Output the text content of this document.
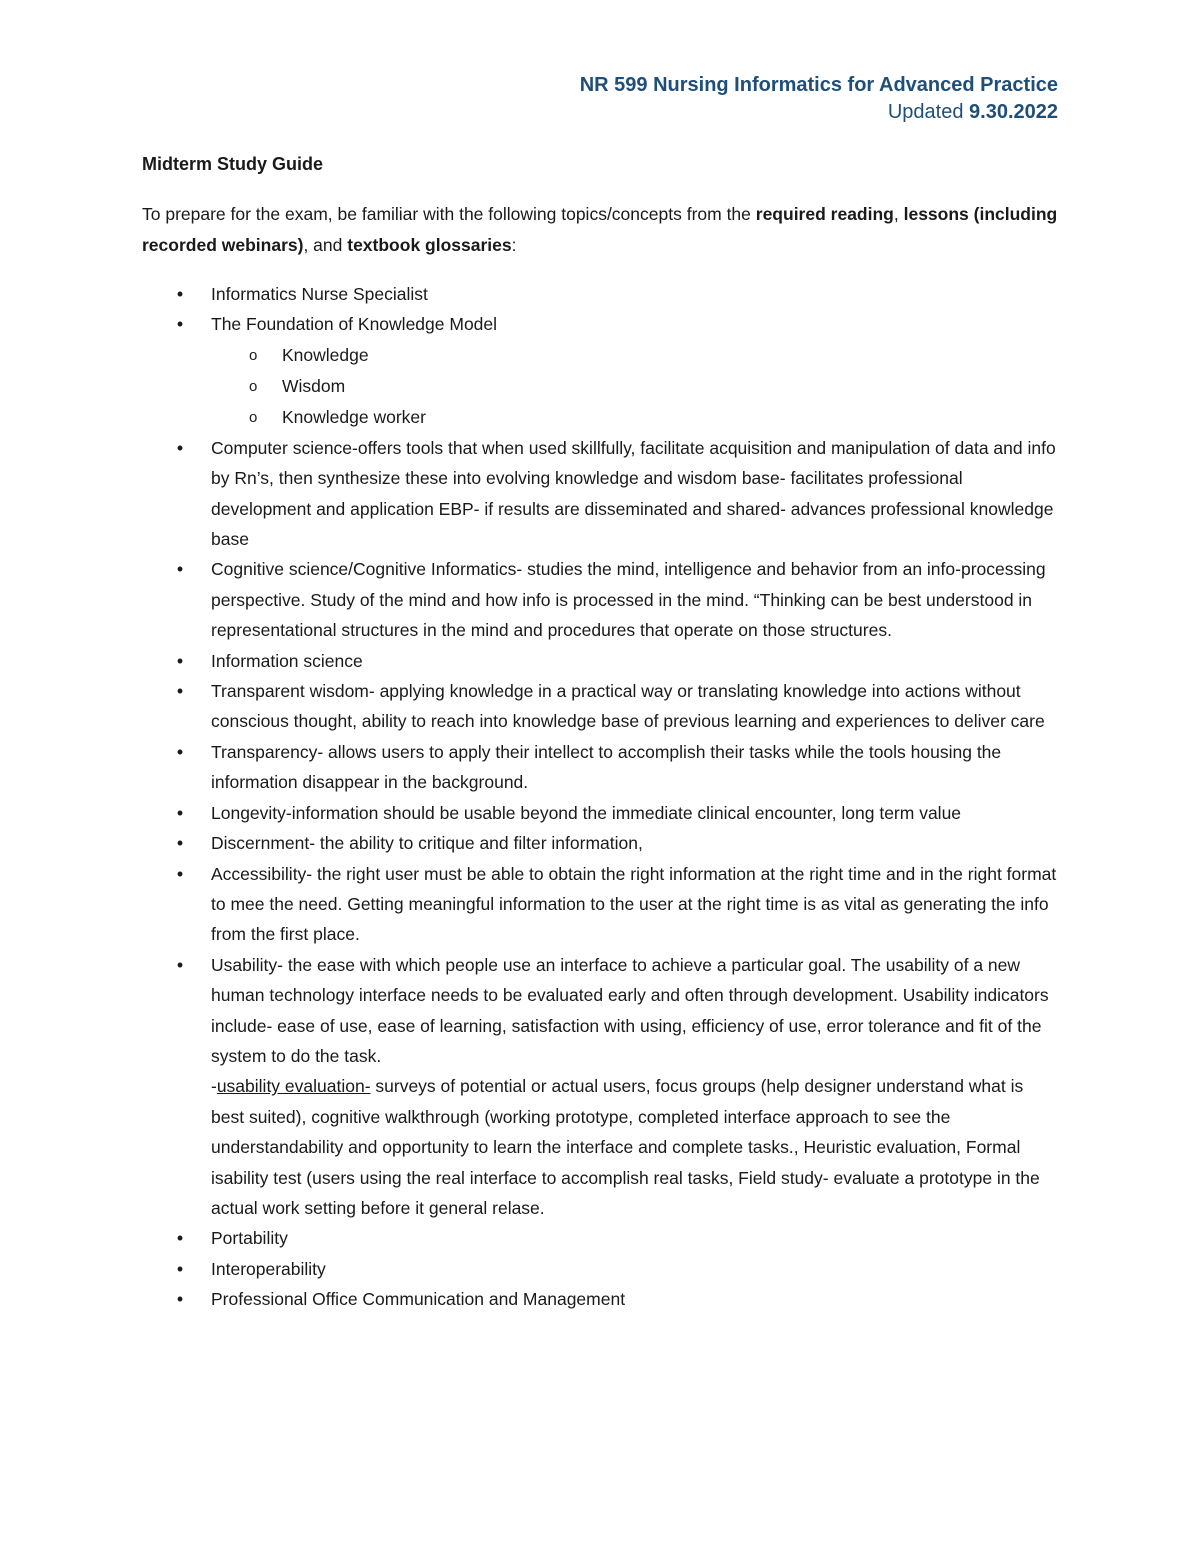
NR 599 Nursing Informatics for Advanced Practice
Updated 9.30.2022
Midterm Study Guide

To prepare for the exam, be familiar with the following topics/concepts from the required reading, lessons (including recorded webinars), and textbook glossaries:

•	Informatics Nurse Specialist
•	The Foundation of Knowledge Model
o Knowledge
o Wisdom
o Knowledge worker
•	Computer science-offers tools that when used skillfully, facilitate acquisition and manipulation of data and info by Rn’s, then synthesize these into evolving knowledge and wisdom base- facilitates professional development and application EBP- if results are disseminated and shared- advances professional knowledge base
•	Cognitive science/Cognitive Informatics- studies the mind, intelligence and behavior from an info-processing perspective. Study of the mind and how info is processed in the mind. “Thinking can be best understood in representational structures in the mind and procedures that operate on those structures.
•	Information science
•	Transparent wisdom- applying knowledge in a practical way or translating knowledge into actions without conscious thought, ability to reach into knowledge base of previous learning and experiences to deliver care
•	Transparency- allows users to apply their intellect to accomplish their tasks while the tools housing the information disappear in the background.
•	Longevity-information should be usable beyond the immediate clinical encounter, long term value
•	Discernment- the ability to critique and filter information,
•	Accessibility- the right user must be able to obtain the right information at the right time and in the right format to mee the need. Getting meaningful information to the user at the right time is as vital as generating the info from the first place.
•	Usability- the ease with which people use an interface to achieve a particular goal. The usability of a new human technology interface needs to be evaluated early and often through development. Usability indicators include- ease of use, ease of learning, satisfaction with using, efficiency of use, error tolerance and fit of the system to do the task.
-usability evaluation- surveys of potential or actual users, focus groups (help designer understand what is best suited), cognitive walkthrough (working prototype, completed interface approach to see the understandability and opportunity to learn the interface and complete tasks., Heuristic evaluation, Formal isability test (users using the real interface to accomplish real tasks, Field study- evaluate a prototype in the actual work setting before it general relase.
•	Portability
•	Interoperability
•	Professional Office Communication and Management
